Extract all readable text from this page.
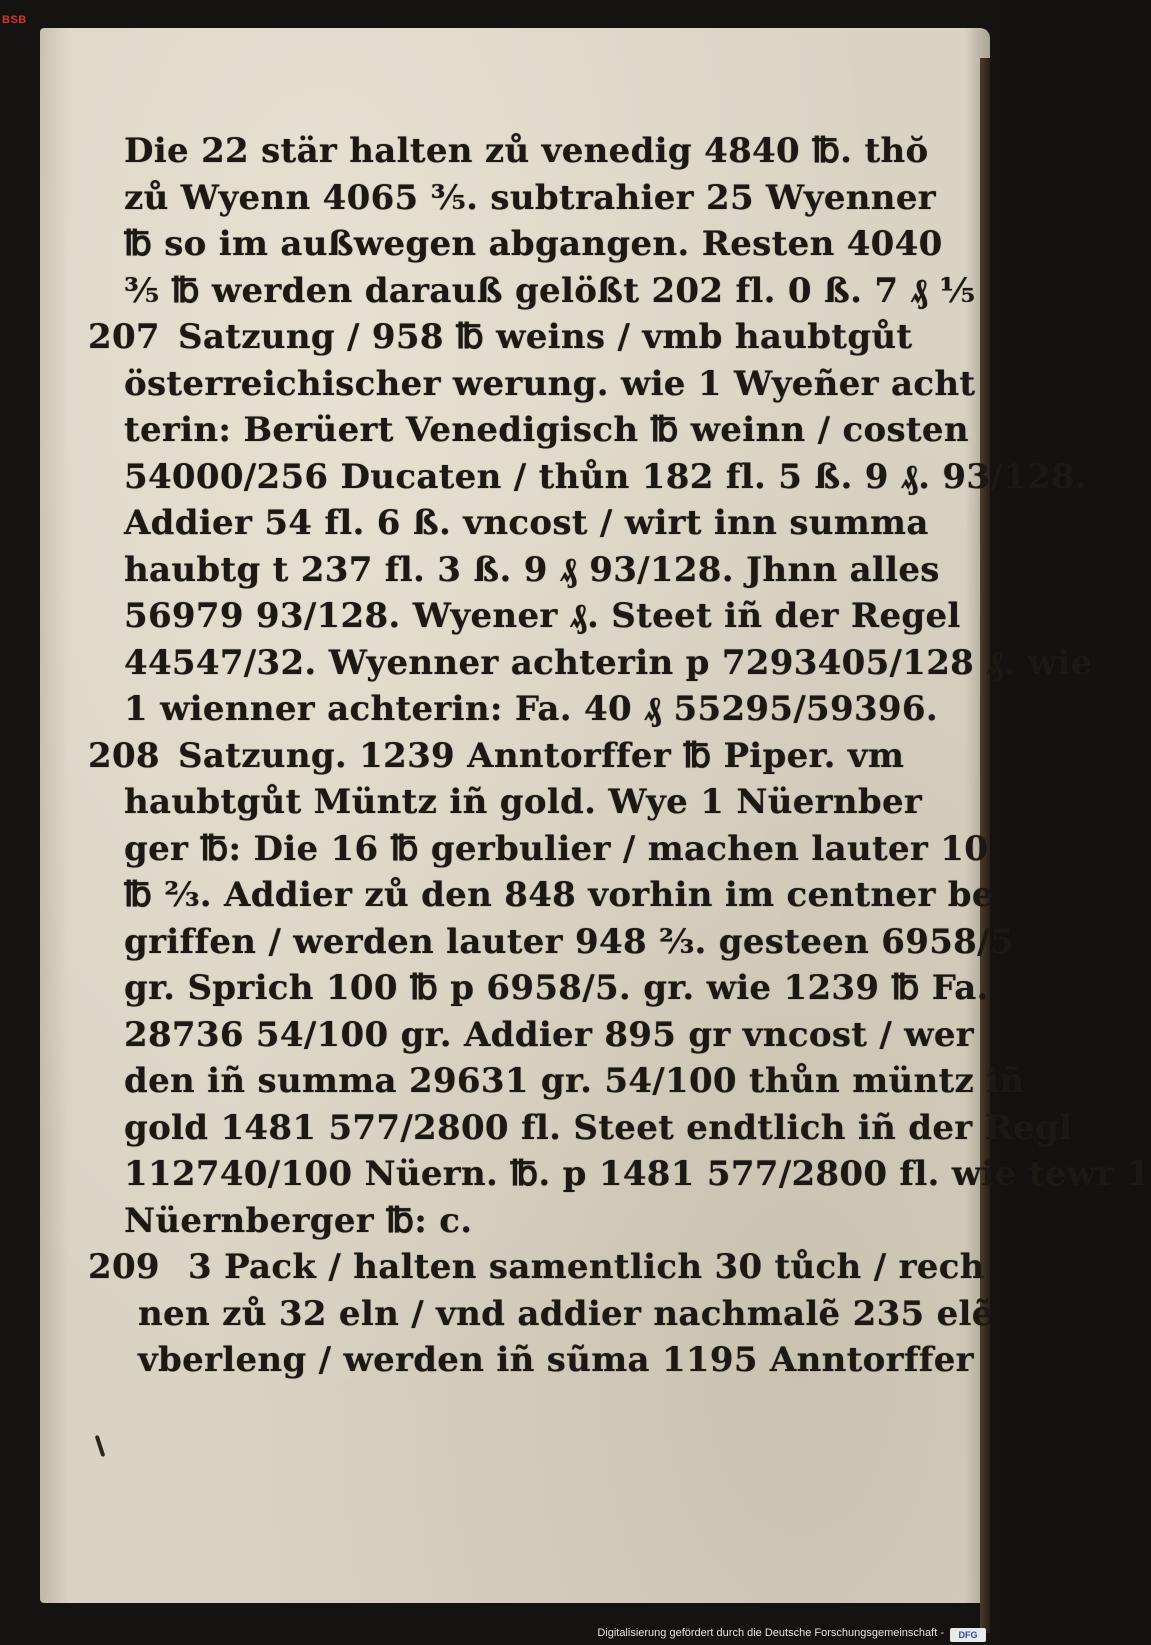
BSB
Die 22 stär halten zů venedig 4840 ℔. thŏ
zů Wyenn 4065 ⅗. subtrahier 25 Wyenner
℔ so im außwegen abgangen. Resten 4040
⅗ ℔ werden darauß gelößt 202 fl. 0 ß. 7 ₰ ⅕
207 Satzung / 958 ℔ weins / vmb haubtgůt
österreichischer werung. wie 1 Wyeñer acht
terin: Berüert Venedigisch ℔ weinn / costen
54000/256 Ducaten / thůn 182 fl. 5 ß. 9 ₰. 93/128.
Addier 54 fl. 6 ß. vncost / wirt inn summa
haubtg t 237 fl. 3 ß. 9 ₰ 93/128. Jhnn alles
56979 93/128. Wyener ₰. Steet iñ der Regel
44547/32. Wyenner achterin p 7293405/128 ₰. wie
1 wienner achterin: Fa. 40 ₰ 55295/59396.
208 Satzung. 1239 Anntorffer ℔ Piper. vm
haubtgůt Müntz iñ gold. Wye 1 Nüernber
ger ℔: Die 16 ℔ gerbulier / machen lauter 10
℔ ⅔. Addier zů den 848 vorhin im centner be
griffen / werden lauter 948 ⅔. gesteen 6958/5
gr. Sprich 100 ℔ p 6958/5. gr. wie 1239 ℔ Fa.
28736 54/100 gr. Addier 895 gr vncost / wer
den iñ summa 29631 gr. 54/100 thůn müntz iñ
gold 1481 577/2800 fl. Steet endtlich iñ der Regl
112740/100 Nüern. ℔. p 1481 577/2800 fl. wie tewr 1
Nüernberger ℔: c.
209 3 Pack / halten samentlich 30 tůch / rech
nen zů 32 eln / vnd addier nachmalẽ 235 elẽ
vberleng / werden iñ sũma 1195 Anntorffer
Digitalisierung gefördert durch die Deutsche Forschungsgemeinschaft -	DFG
